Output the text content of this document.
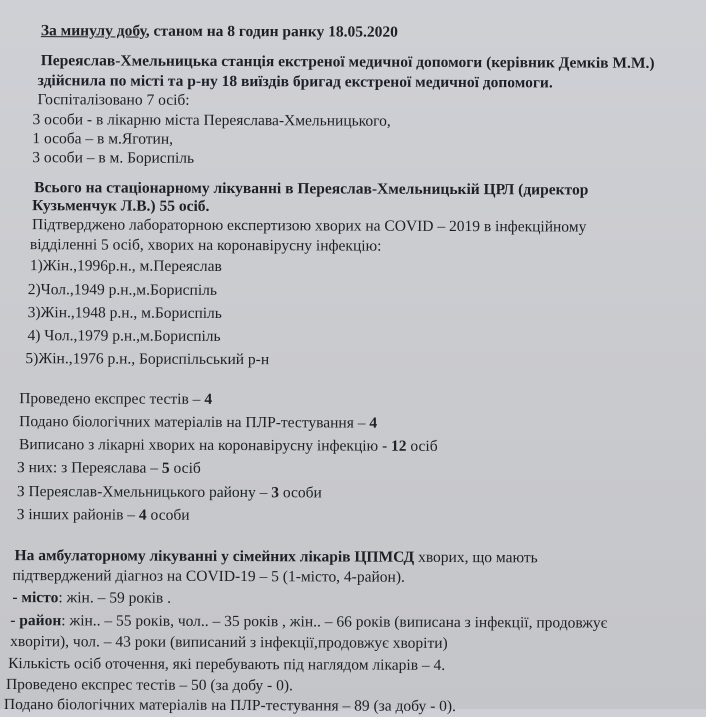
За минулу добу, станом на 8 годин ранку 18.05.2020
Переяслав-Хмельницька станція екстреної медичної допомоги (керівник Демків М.М.)
здійснила по місті та р-ну 18 виїздів бригад екстреної медичної допомоги.
Госпіталізовано 7 осіб:
3 особи - в лікарню міста Переяслава-Хмельницького,
1 особа – в м.Яготин,
3 особи – в м. Бориспіль
Всього на стаціонарному лікуванні в Переяслав-Хмельницькій ЦРЛ (директор
Кузьменчук Л.В.) 55 осіб.
Підтверджено лабораторною експертизою хворих на COVID – 2019 в інфекційному
відділенні 5 осіб, хворих на коронавірусну інфекцію:
1)Жін.,1996р.н., м.Переяслав
2)Чол.,1949 р.н.,м.Бориспіль
3)Жін.,1948 р.н., м.Бориспіль
4) Чол.,1979 р.н.,м.Бориспіль
5)Жін.,1976 р.н., Бориспільський р-н
Проведено експрес тестів – 4
Подано біологічних матеріалів на ПЛР-тестування – 4
Виписано з лікарні хворих на коронавірусну інфекцію - 12 осіб
З них: з Переяслава – 5 осіб
З Переяслав-Хмельницького району – 3 особи
З інших районів – 4 особи
На амбулаторному лікуванні у сімейних лікарів ЦПМСД хворих, що мають
підтверджений діагноз на COVID-19 – 5 (1-місто, 4-район).
- місто: жін. – 59 років .
- район: жін.. – 55 років, чол.. – 35 років , жін.. – 66 років (виписана з інфекції, продовжує
хворіти), чол. – 43 роки (виписаний з інфекції,продовжує хворіти)
Кількість осіб оточення, які перебувають під наглядом лікарів – 4.
Проведено експрес тестів – 50 (за добу - 0).
Подано біологічних матеріалів на ПЛР-тестування – 89 (за добу - 0).
